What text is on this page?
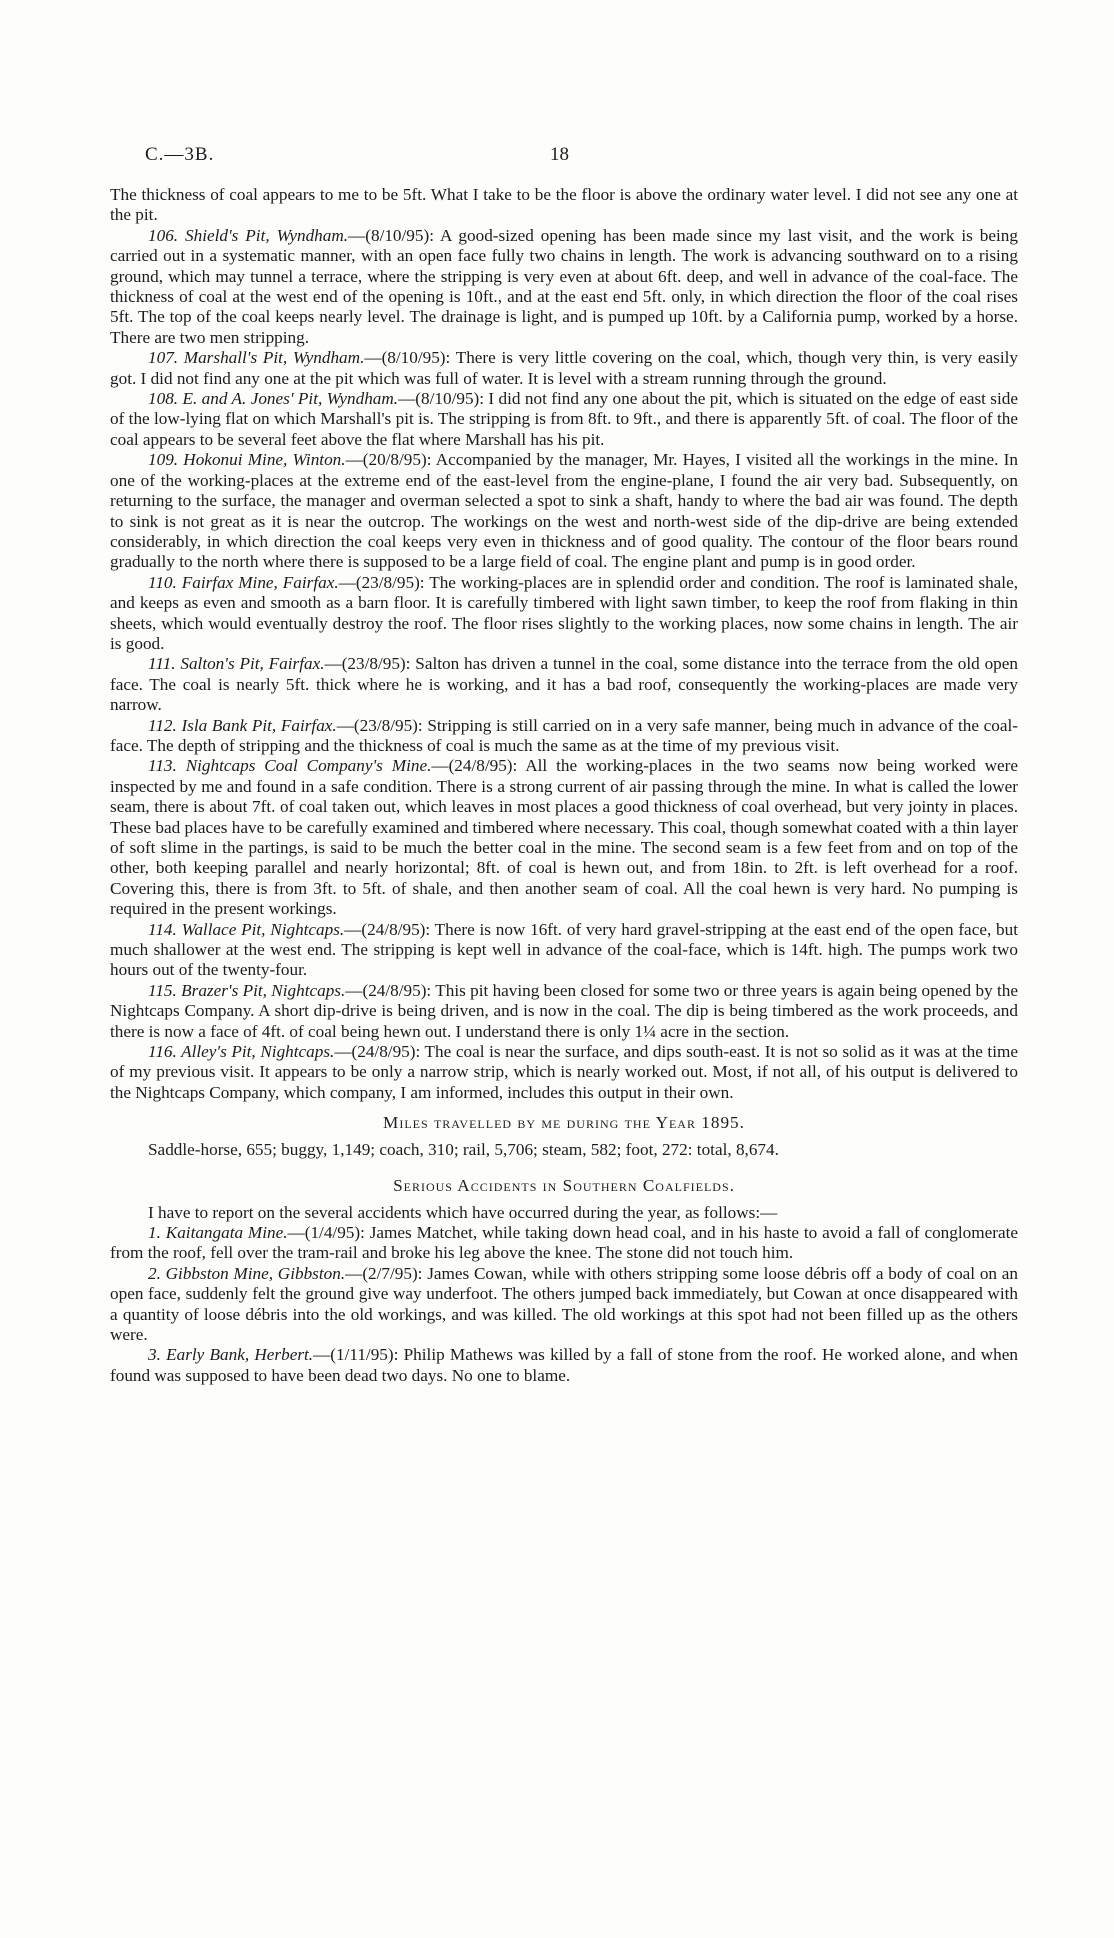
C.—3B.	18

The thickness of coal appears to me to be 5ft. What I take to be the floor is above the ordinary water level. I did not see any one at the pit.

106. Shield's Pit, Wyndham.—(8/10/95): A good-sized opening has been made since my last visit, and the work is being carried out in a systematic manner, with an open face fully two chains in length. The work is advancing southward on to a rising ground, which may tunnel a terrace, where the stripping is very even at about 6ft. deep, and well in advance of the coal-face. The thickness of coal at the west end of the opening is 10ft., and at the east end 5ft. only, in which direction the floor of the coal rises 5ft. The top of the coal keeps nearly level. The drainage is light, and is pumped up 10ft. by a California pump, worked by a horse. There are two men stripping.

107. Marshall's Pit, Wyndham.—(8/10/95): There is very little covering on the coal, which, though very thin, is very easily got. I did not find any one at the pit which was full of water. It is level with a stream running through the ground.

108. E. and A. Jones' Pit, Wyndham.—(8/10/95): I did not find any one about the pit, which is situated on the edge of east side of the low-lying flat on which Marshall's pit is. The stripping is from 8ft. to 9ft., and there is apparently 5ft. of coal. The floor of the coal appears to be several feet above the flat where Marshall has his pit.

109. Hokonui Mine, Winton.—(20/8/95): Accompanied by the manager, Mr. Hayes, I visited all the workings in the mine. In one of the working-places at the extreme end of the east-level from the engine-plane, I found the air very bad. Subsequently, on returning to the surface, the manager and overman selected a spot to sink a shaft, handy to where the bad air was found. The depth to sink is not great as it is near the outcrop. The workings on the west and north-west side of the dip-drive are being extended considerably, in which direction the coal keeps very even in thickness and of good quality. The contour of the floor bears round gradually to the north where there is supposed to be a large field of coal. The engine plant and pump is in good order.

110. Fairfax Mine, Fairfax.—(23/8/95): The working-places are in splendid order and condition. The roof is laminated shale, and keeps as even and smooth as a barn floor. It is carefully timbered with light sawn timber, to keep the roof from flaking in thin sheets, which would eventually destroy the roof. The floor rises slightly to the working places, now some chains in length. The air is good.

111. Salton's Pit, Fairfax.—(23/8/95): Salton has driven a tunnel in the coal, some distance into the terrace from the old open face. The coal is nearly 5ft. thick where he is working, and it has a bad roof, consequently the working-places are made very narrow.

112. Isla Bank Pit, Fairfax.—(23/8/95): Stripping is still carried on in a very safe manner, being much in advance of the coal-face. The depth of stripping and the thickness of coal is much the same as at the time of my previous visit.

113. Nightcaps Coal Company's Mine.—(24/8/95): All the working-places in the two seams now being worked were inspected by me and found in a safe condition. There is a strong current of air passing through the mine. In what is called the lower seam, there is about 7ft. of coal taken out, which leaves in most places a good thickness of coal overhead, but very jointy in places. These bad places have to be carefully examined and timbered where necessary. This coal, though somewhat coated with a thin layer of soft slime in the partings, is said to be much the better coal in the mine. The second seam is a few feet from and on top of the other, both keeping parallel and nearly horizontal; 8ft. of coal is hewn out, and from 18in. to 2ft. is left overhead for a roof. Covering this, there is from 3ft. to 5ft. of shale, and then another seam of coal. All the coal hewn is very hard. No pumping is required in the present workings.

114. Wallace Pit, Nightcaps.—(24/8/95): There is now 16ft. of very hard gravel-stripping at the east end of the open face, but much shallower at the west end. The stripping is kept well in advance of the coal-face, which is 14ft. high. The pumps work two hours out of the twenty-four.

115. Brazer's Pit, Nightcaps.—(24/8/95): This pit having been closed for some two or three years is again being opened by the Nightcaps Company. A short dip-drive is being driven, and is now in the coal. The dip is being timbered as the work proceeds, and there is now a face of 4ft. of coal being hewn out. I understand there is only 1¼ acre in the section.

116. Alley's Pit, Nightcaps.—(24/8/95): The coal is near the surface, and dips south-east. It is not so solid as it was at the time of my previous visit. It appears to be only a narrow strip, which is nearly worked out. Most, if not all, of his output is delivered to the Nightcaps Company, which company, I am informed, includes this output in their own.

Miles travelled by me during the Year 1895.

Saddle-horse, 655; buggy, 1,149; coach, 310; rail, 5,706; steam, 582; foot, 272: total, 8,674.

Serious Accidents in Southern Coalfields.

I have to report on the several accidents which have occurred during the year, as follows:—

1. Kaitangata Mine.—(1/4/95): James Matchet, while taking down head coal, and in his haste to avoid a fall of conglomerate from the roof, fell over the tram-rail and broke his leg above the knee. The stone did not touch him.

2. Gibbston Mine, Gibbston.—(2/7/95): James Cowan, while with others stripping some loose débris off a body of coal on an open face, suddenly felt the ground give way underfoot. The others jumped back immediately, but Cowan at once disappeared with a quantity of loose débris into the old workings, and was killed. The old workings at this spot had not been filled up as the others were.

3. Early Bank, Herbert.—(1/11/95): Philip Mathews was killed by a fall of stone from the roof. He worked alone, and when found was supposed to have been dead two days. No one to blame.
